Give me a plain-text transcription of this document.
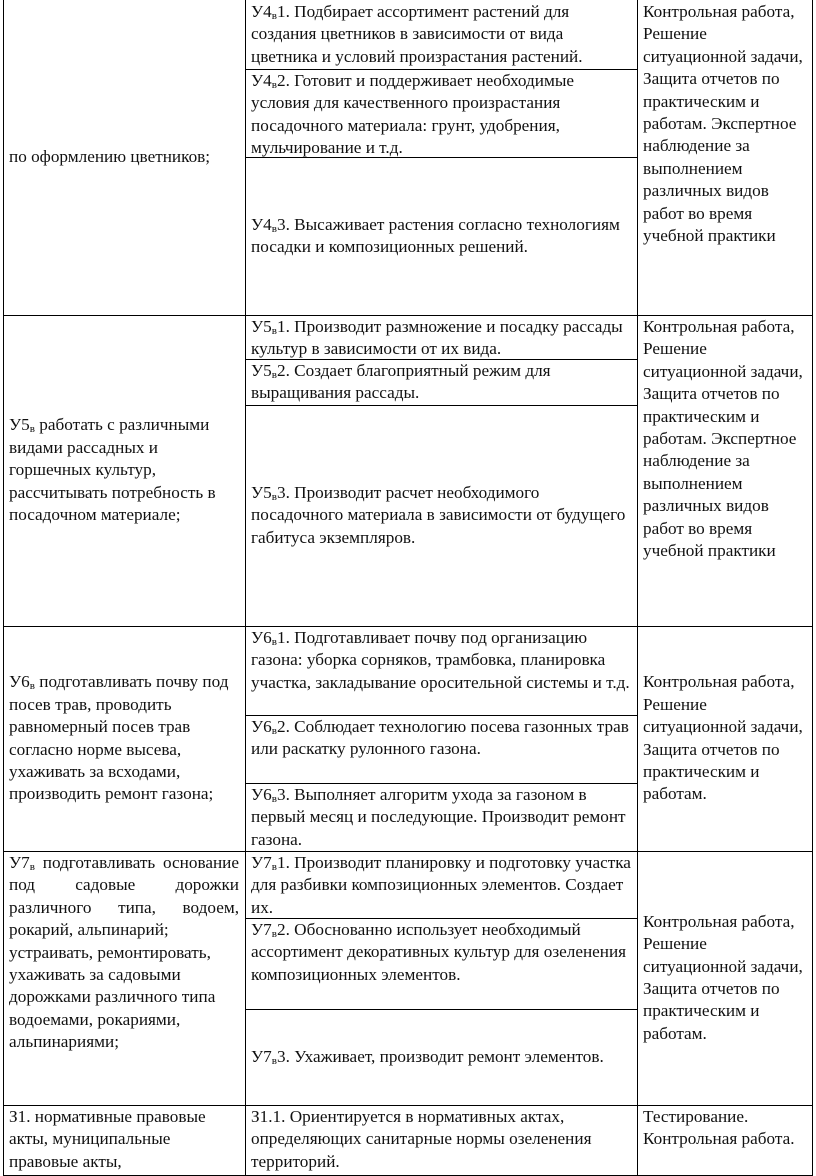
по оформлению цветников;
$У4_в1$. Подбирает ассортимент растений для создания цветников в зависимости от вида цветника и условий произрастания растений.
$У4_в2$. Готовит и поддерживает необходимые условия для качественного произрастания посадочного материала: грунт, удобрения, мульчирование и т.д.
$У4_в3$. Высаживает растения согласно технологиям посадки и композиционных решений.
Контрольная работа, Решение ситуационной задачи, Защита отчетов по практическим и работам. Экспертное наблюдение за выполнением различных видов работ во время учебной практики
$У5_в$ работать с различными видами рассадных и горшечных культур, рассчитывать потребность в посадочном материале;
$У5_в1$. Производит размножение и посадку рассады культур в зависимости от их вида.
$У5_в2$. Создает благоприятный режим для выращивания рассады.
$У5_в3$. Производит расчет необходимого посадочного материала в зависимости от будущего габитуса экземпляров.
Контрольная работа, Решение ситуационной задачи, Защита отчетов по практическим и работам. Экспертное наблюдение за выполнением различных видов работ во время учебной практики
$У6_в$ подготавливать почву под посев трав, проводить равномерный посев трав согласно норме высева, ухаживать за всходами, производить ремонт газона;
$У6_в1$. Подготавливает почву под организацию газона: уборка сорняков, трамбовка, планировка участка, закладывание оросительной системы и т.д.
$У6_в2$. Соблюдает технологию посева газонных трав или раскатку рулонного газона.
$У6_в3$. Выполняет алгоритм ухода за газоном в первый месяц и последующие. Производит ремонт газона.
Контрольная работа, Решение ситуационной задачи, Защита отчетов по практическим и работам.
$У7_в$ подготавливать основание под садовые дорожки различного типа, водоем, рокарий, альпинарий;
устраивать, ремонтировать, ухаживать за садовыми дорожками различного типа водоемами, рокариями, альпинариями;
$У7_в1$. Производит планировку и подготовку участка для разбивки композиционных элементов. Создает их.
$У7_в2$. Обоснованно использует необходимый ассортимент декоративных культур для озеленения композиционных элементов.
$У7_в3$. Ухаживает, производит ремонт элементов.
Контрольная работа, Решение ситуационной задачи, Защита отчетов по практическим и работам.
З1. нормативные правовые акты, муниципальные правовые акты,
З1.1. Ориентируется в нормативных актах, определяющих санитарные нормы озеленения территорий.
Тестирование. Контрольная работа.
